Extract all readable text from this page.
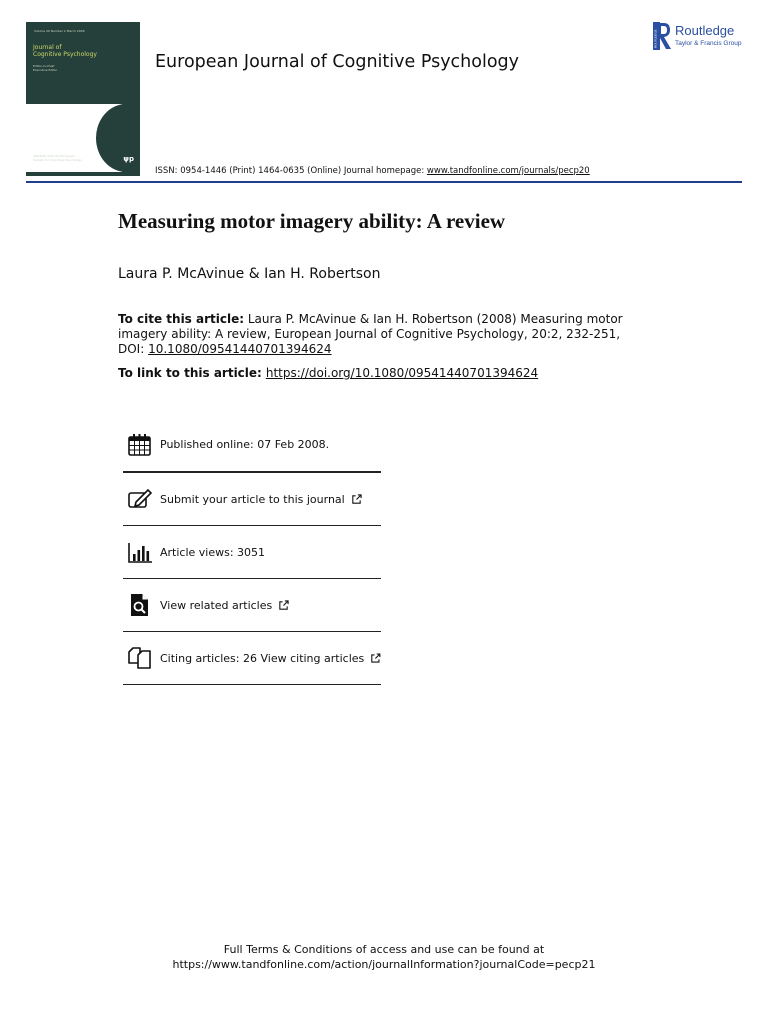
Volume 20 Number 2 March 2008
Journal of
Cognitive Psychology
Editor-in-Chief
Executive Editor
Affiliated with the European
Society for Cognitive Psychology	ψp
European Journal of Cognitive Psychology
ISSN: 0954-1446 (Print) 1464-0635 (Online) Journal homepage: www.tandfonline.com/journals/pecp20
ROUTLEDGE Routledge
Taylor & Francis Group
Measuring motor imagery ability: A review
Laura P. McAvinue & Ian H. Robertson
To cite this article: Laura P. McAvinue & Ian H. Robertson (2008) Measuring motor imagery ability: A review, European Journal of Cognitive Psychology, 20:2, 232-251, DOI: 10.1080/09541440701394624
To link to this article: https://doi.org/10.1080/09541440701394624
Published online: 07 Feb 2008.
Submit your article to this journal
Article views: 3051
View related articles
Citing articles: 26 View citing articles
Full Terms & Conditions of access and use can be found at
https://www.tandfonline.com/action/journalInformation?journalCode=pecp21
